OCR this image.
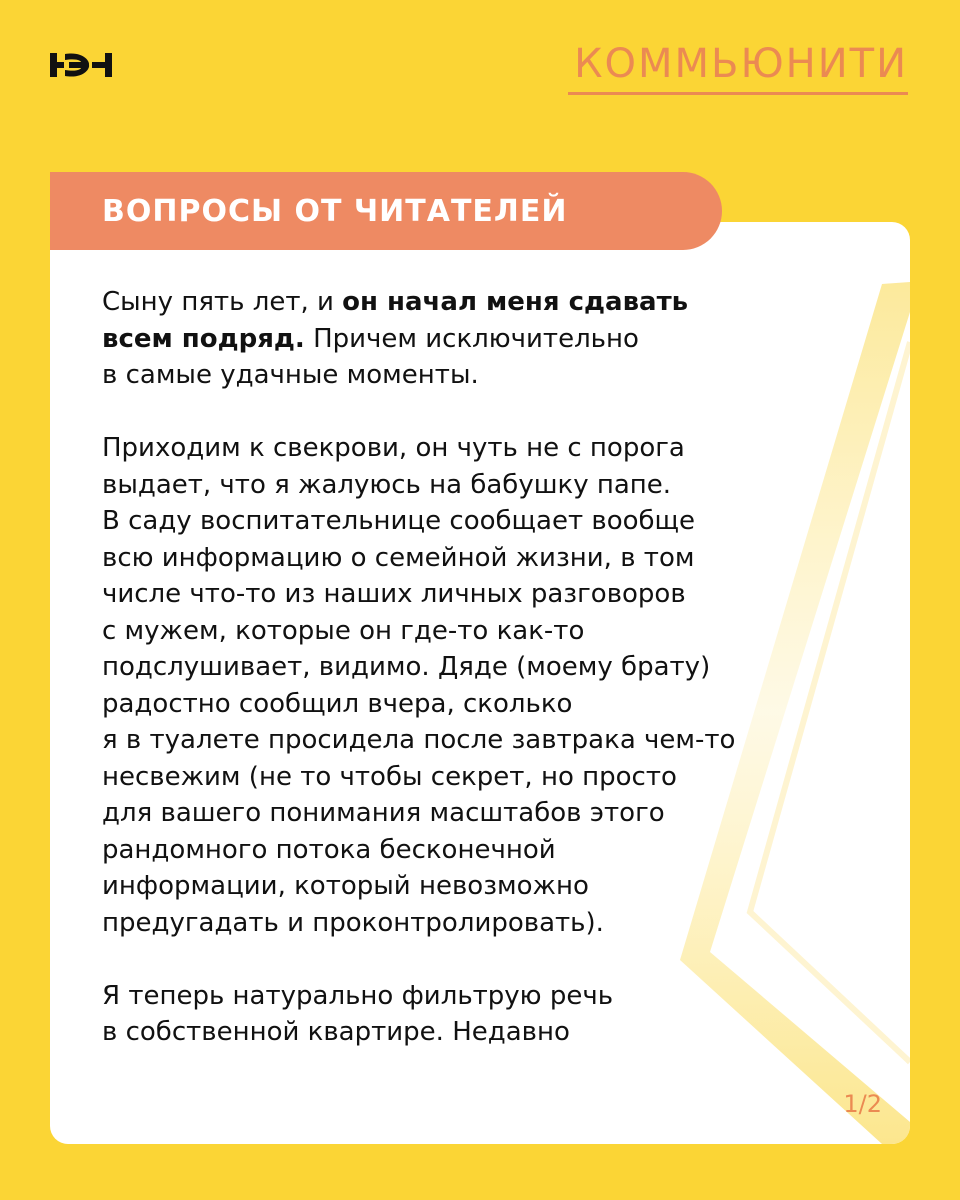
КОММЬЮНИТИ
ВОПРОСЫ ОТ ЧИТАТЕЛЕЙ
Сыну пять лет, и он начал меня сдавать
всем подряд. Причем исключительно
в самые удачные моменты.
Приходим к свекрови, он чуть не с порога
выдает, что я жалуюсь на бабушку папе.
В саду воспитательнице сообщает вообще
всю информацию о семейной жизни, в том
числе что-то из наших личных разговоров
с мужем, которые он где-то как-то
подслушивает, видимо. Дяде (моему брату)
радостно сообщил вчера, сколько
я в туалете просидела после завтрака чем-то
несвежим (не то чтобы секрет, но просто
для вашего понимания масштабов этого
рандомного потока бесконечной
информации, который невозможно
предугадать и проконтролировать).
Я теперь натурально фильтрую речь
в собственной квартире. Недавно
1/2
